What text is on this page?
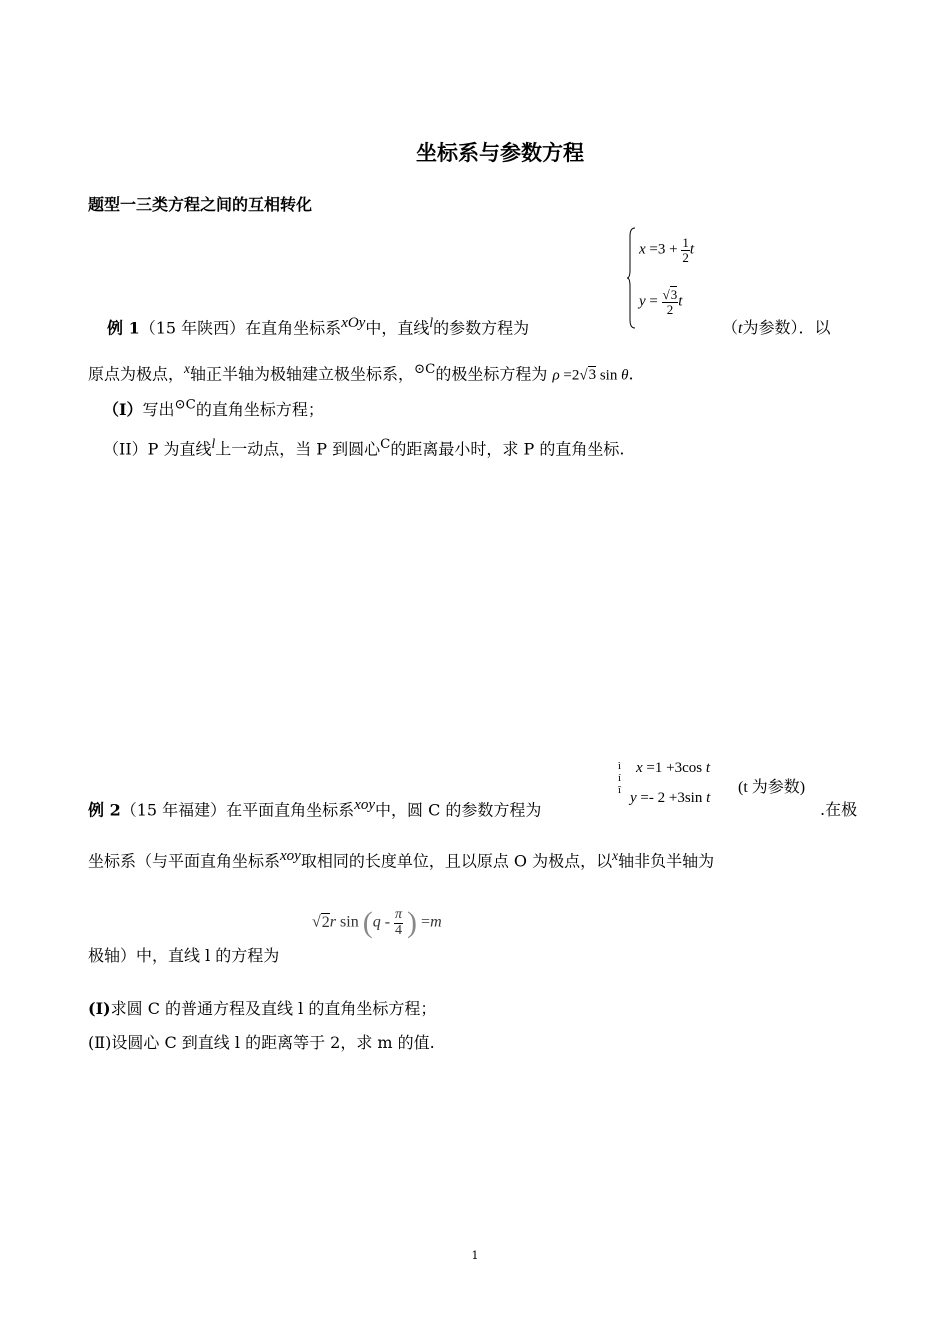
坐标系与参数方程
题型一三类方程之间的互相转化
$x =3 + \frac{1}{2}$ t
$y = \frac{√3}{2}$ t
例 1（15 年陕西）在直角坐标系$^{xOy}$中，直线$^l$的参数方程为	（t为参数）．以
原点为极点，$^x$轴正半轴为极轴建立极坐标系，$^{⊙C}$的极坐标方程为 ρ =2√3 sin θ.
（I）写出$^{⊙C}$的直角坐标方程；
（II）P 为直线$^l$上一动点，当 P 到圆心$^C$的距离最小时，求 P 的直角坐标.
ì
í
î
x =1 +3cos t
y =- 2 +3sin t
(t 为参数)
例 2（15 年福建）在平面直角坐标系$^{xoy}$中，圆 C 的参数方程为	.在极
坐标系（与平面直角坐标系$^{xoy}$取相同的长度单位，且以原点 O 为极点，以$^x$轴非负半轴为
√2r $\sin (q - \frac{\pi}{4}$ ) =m
极轴）中，直线 l 的方程为
(Ⅰ)求圆 C 的普通方程及直线 l 的直角坐标方程；
(Ⅱ)设圆心 C 到直线 l 的距离等于 2，求 m 的值.
1
